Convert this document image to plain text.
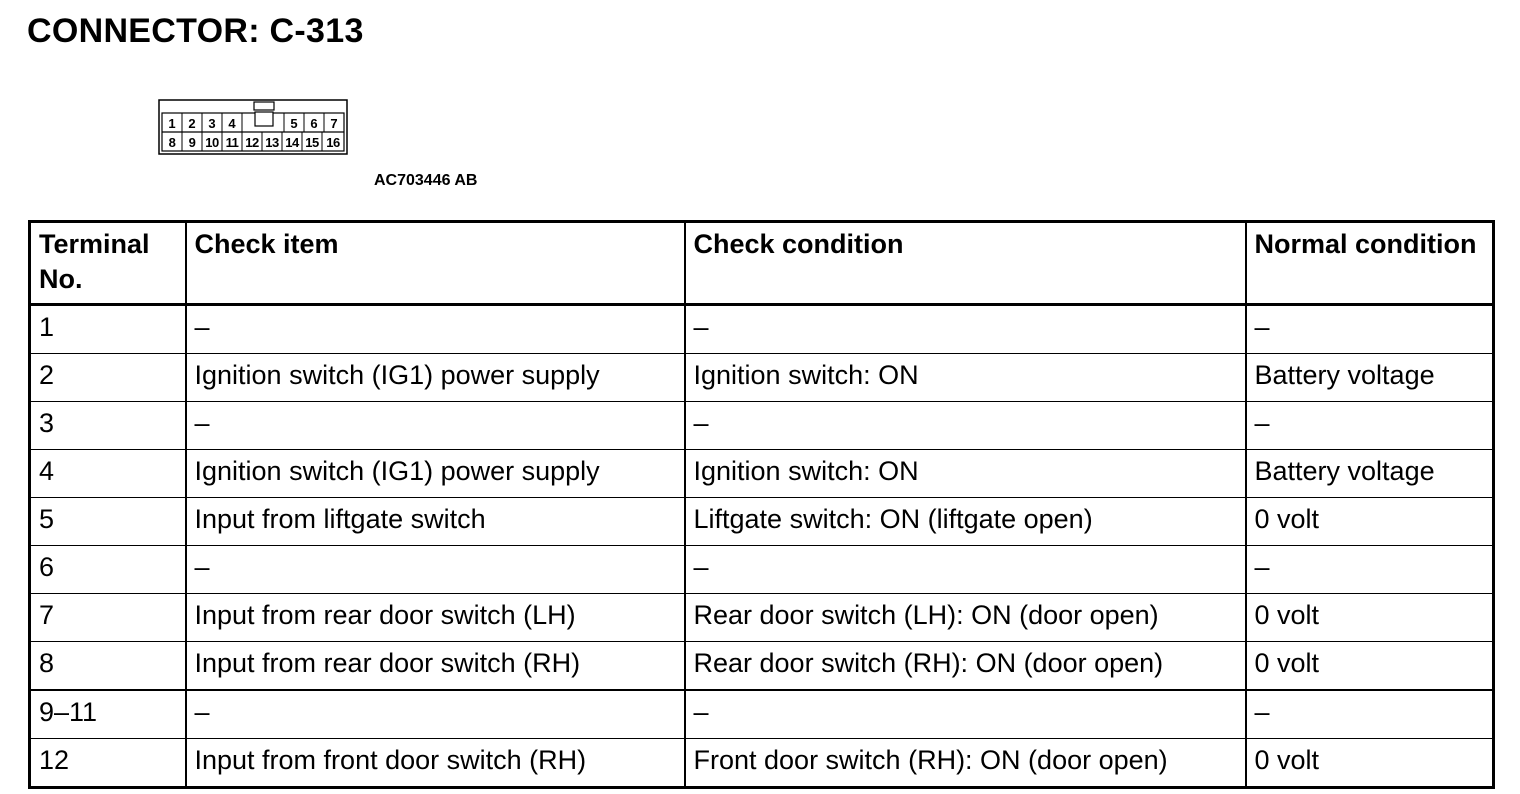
CONNECTOR: C-313
1 2 3 4	5 6 7
8 9 10 11 12 13 14 15 16
AC703446 AB
Terminal No.	Check item	Check condition	Normal condition
1	–	–	–
2	Ignition switch (IG1) power supply	Ignition switch: ON	Battery voltage
3	–	–	–
4	Ignition switch (IG1) power supply	Ignition switch: ON	Battery voltage
5	Input from liftgate switch	Liftgate switch: ON (liftgate open)	0 volt
6	–	–	–
7	Input from rear door switch (LH)	Rear door switch (LH): ON (door open)	0 volt
8	Input from rear door switch (RH)	Rear door switch (RH): ON (door open)	0 volt
9–11	–	–	–
12	Input from front door switch (RH)	Front door switch (RH): ON (door open)	0 volt
